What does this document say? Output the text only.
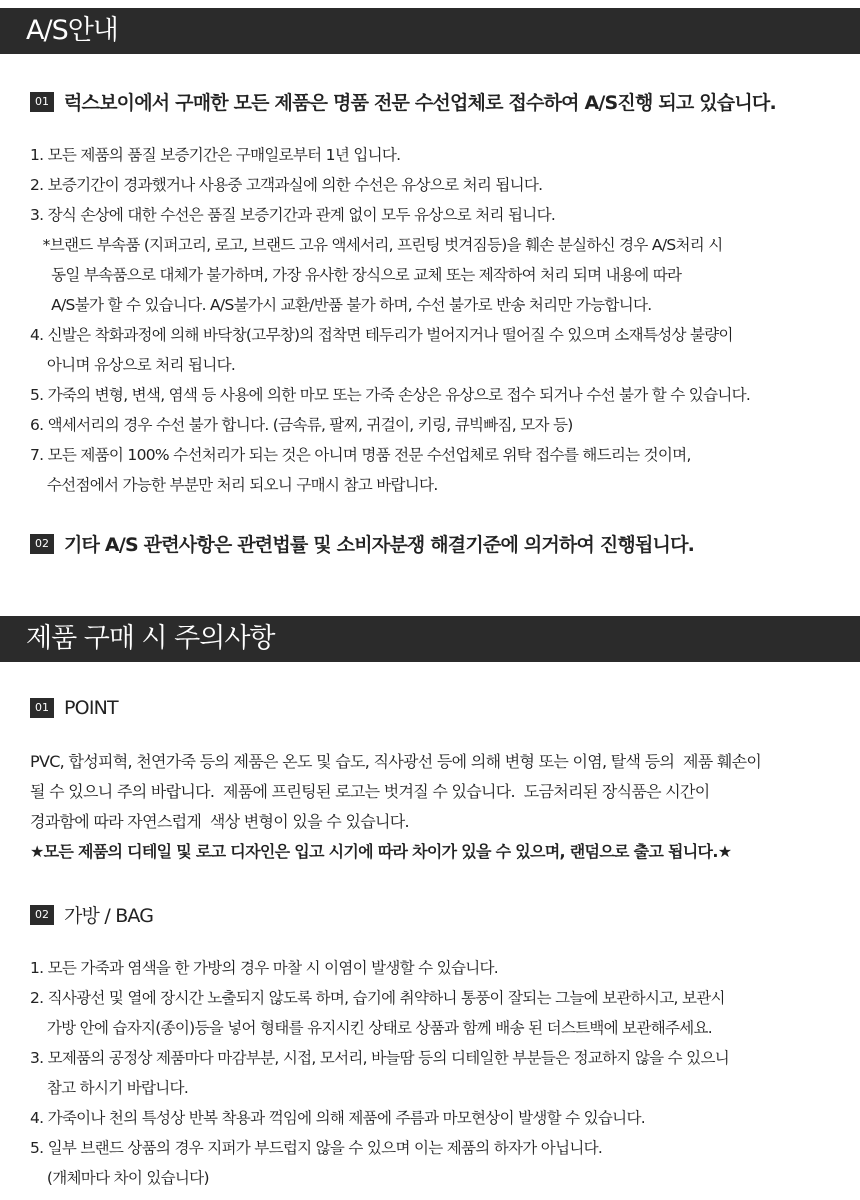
A/S안내
01 럭스보이에서 구매한 모든 제품은 명품 전문 수선업체로 접수하여 A/S진행 되고 있습니다.
1. 모든 제품의 품질 보증기간은 구매일로부터 1년 입니다.
2. 보증기간이 경과했거나 사용중 고객과실에 의한 수선은 유상으로 처리 됩니다.
3. 장식 손상에 대한 수선은 품질 보증기간과 관계 없이 모두 유상으로 처리 됩니다.
*브랜드 부속품 (지퍼고리, 로고, 브랜드 고유 액세서리, 프린팅 벗겨짐등)을 훼손 분실하신 경우 A/S처리 시
동일 부속품으로 대체가 불가하며, 가장 유사한 장식으로 교체 또는 제작하여 처리 되며 내용에 따라
A/S불가 할 수 있습니다. A/S불가시 교환/반품 불가 하며, 수선 불가로 반송 처리만 가능합니다.
4. 신발은 착화과정에 의해 바닥창(고무창)의 접착면 테두리가 벌어지거나 떨어질 수 있으며 소재특성상 불량이
아니며 유상으로 처리 됩니다.
5. 가죽의 변형, 변색, 염색 등 사용에 의한 마모 또는 가죽 손상은 유상으로 접수 되거나 수선 불가 할 수 있습니다.
6. 액세서리의 경우 수선 불가 합니다. (금속류, 팔찌, 귀걸이, 키링, 큐빅빠짐, 모자 등)
7. 모든 제품이 100% 수선처리가 되는 것은 아니며 명품 전문 수선업체로 위탁 접수를 해드리는 것이며,
수선점에서 가능한 부분만 처리 되오니 구매시 참고 바랍니다.
02 기타 A/S 관련사항은 관련법률 및 소비자분쟁 해결기준에 의거하여 진행됩니다.
제품 구매 시 주의사항
01 POINT
PVC, 합성피혁, 천연가죽 등의 제품은 온도 및 습도, 직사광선 등에 의해 변형 또는 이염, 탈색 등의  제품 훼손이
될 수 있으니 주의 바랍니다.  제품에 프린팅된 로고는 벗겨질 수 있습니다.  도금처리된 장식품은 시간이
경과함에 따라 자연스럽게  색상 변형이 있을 수 있습니다.
★모든 제품의 디테일 및 로고 디자인은 입고 시기에 따라 차이가 있을 수 있으며, 랜덤으로 출고 됩니다.★
02 가방 / BAG
1. 모든 가죽과 염색을 한 가방의 경우 마찰 시 이염이 발생할 수 있습니다.
2. 직사광선 및 열에 장시간 노출되지 않도록 하며, 습기에 취약하니 통풍이 잘되는 그늘에 보관하시고, 보관시
가방 안에 습자지(종이)등을 넣어 형태를 유지시킨 상태로 상품과 함께 배송 된 더스트백에 보관해주세요.
3. 모제품의 공정상 제품마다 마감부분, 시접, 모서리, 바늘땀 등의 디테일한 부분들은 정교하지 않을 수 있으니
참고 하시기 바랍니다.
4. 가죽이나 천의 특성상 반복 착용과 꺽임에 의해 제품에 주름과 마모현상이 발생할 수 있습니다.
5. 일부 브랜드 상품의 경우 지퍼가 부드럽지 않을 수 있으며 이는 제품의 하자가 아닙니다.
(개체마다 차이 있습니다)
